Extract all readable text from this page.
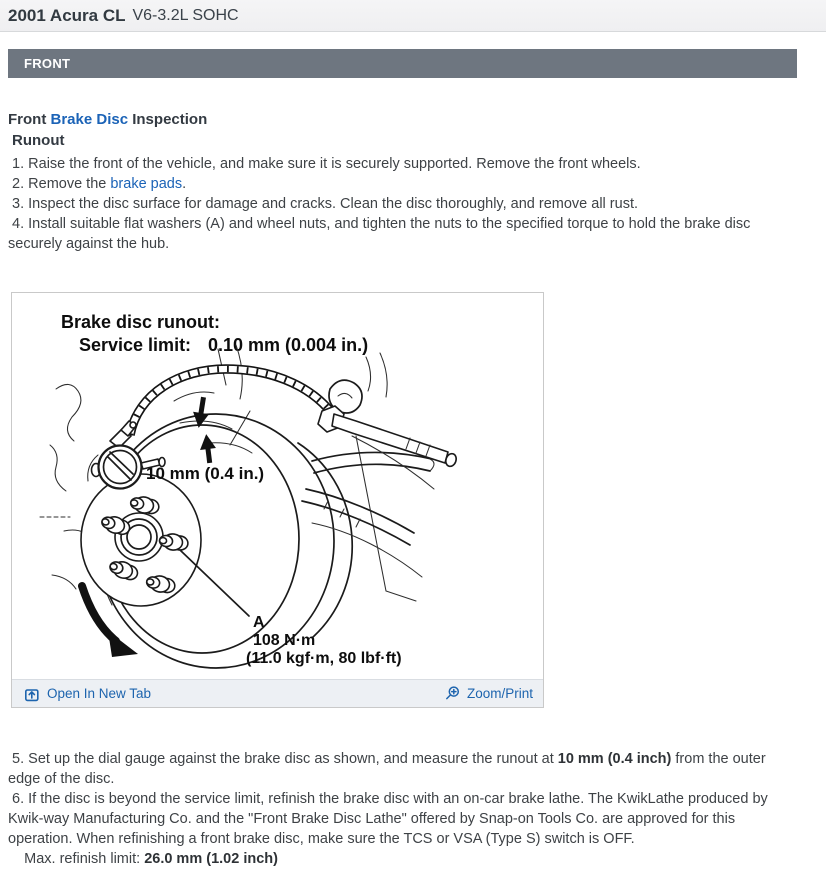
2001 Acura CL V6-3.2L SOHC
FRONT

Front Brake Disc Inspection

Runout

1. Raise the front of the vehicle, and make sure it is securely supported. Remove the front wheels.

2. Remove the brake pads.

3. Inspect the disc surface for damage and cracks. Clean the disc thoroughly, and remove all rust.

4. Install suitable flat washers (A) and wheel nuts, and tighten the nuts to the specified torque to hold the brake disc securely against the hub.

Brake disc runout:
Service limit: 0.10 mm (0.004 in.)
10 mm (0.4 in.)
A
108 N·m
(11.0 kgf·m, 80 lbf·ft)
Open In New Tab	Zoom/Print

5. Set up the dial gauge against the brake disc as shown, and measure the runout at 10 mm (0.4 inch) from the outer edge of the disc.

6. If the disc is beyond the service limit, refinish the brake disc with an on-car brake lathe. The KwikLathe produced by Kwik-way Manufacturing Co. and the "Front Brake Disc Lathe" offered by Snap-on Tools Co. are approved for this operation. When refinishing a front brake disc, make sure the TCS or VSA (Type S) switch is OFF.

Max. refinish limit: 26.0 mm (1.02 inch)
